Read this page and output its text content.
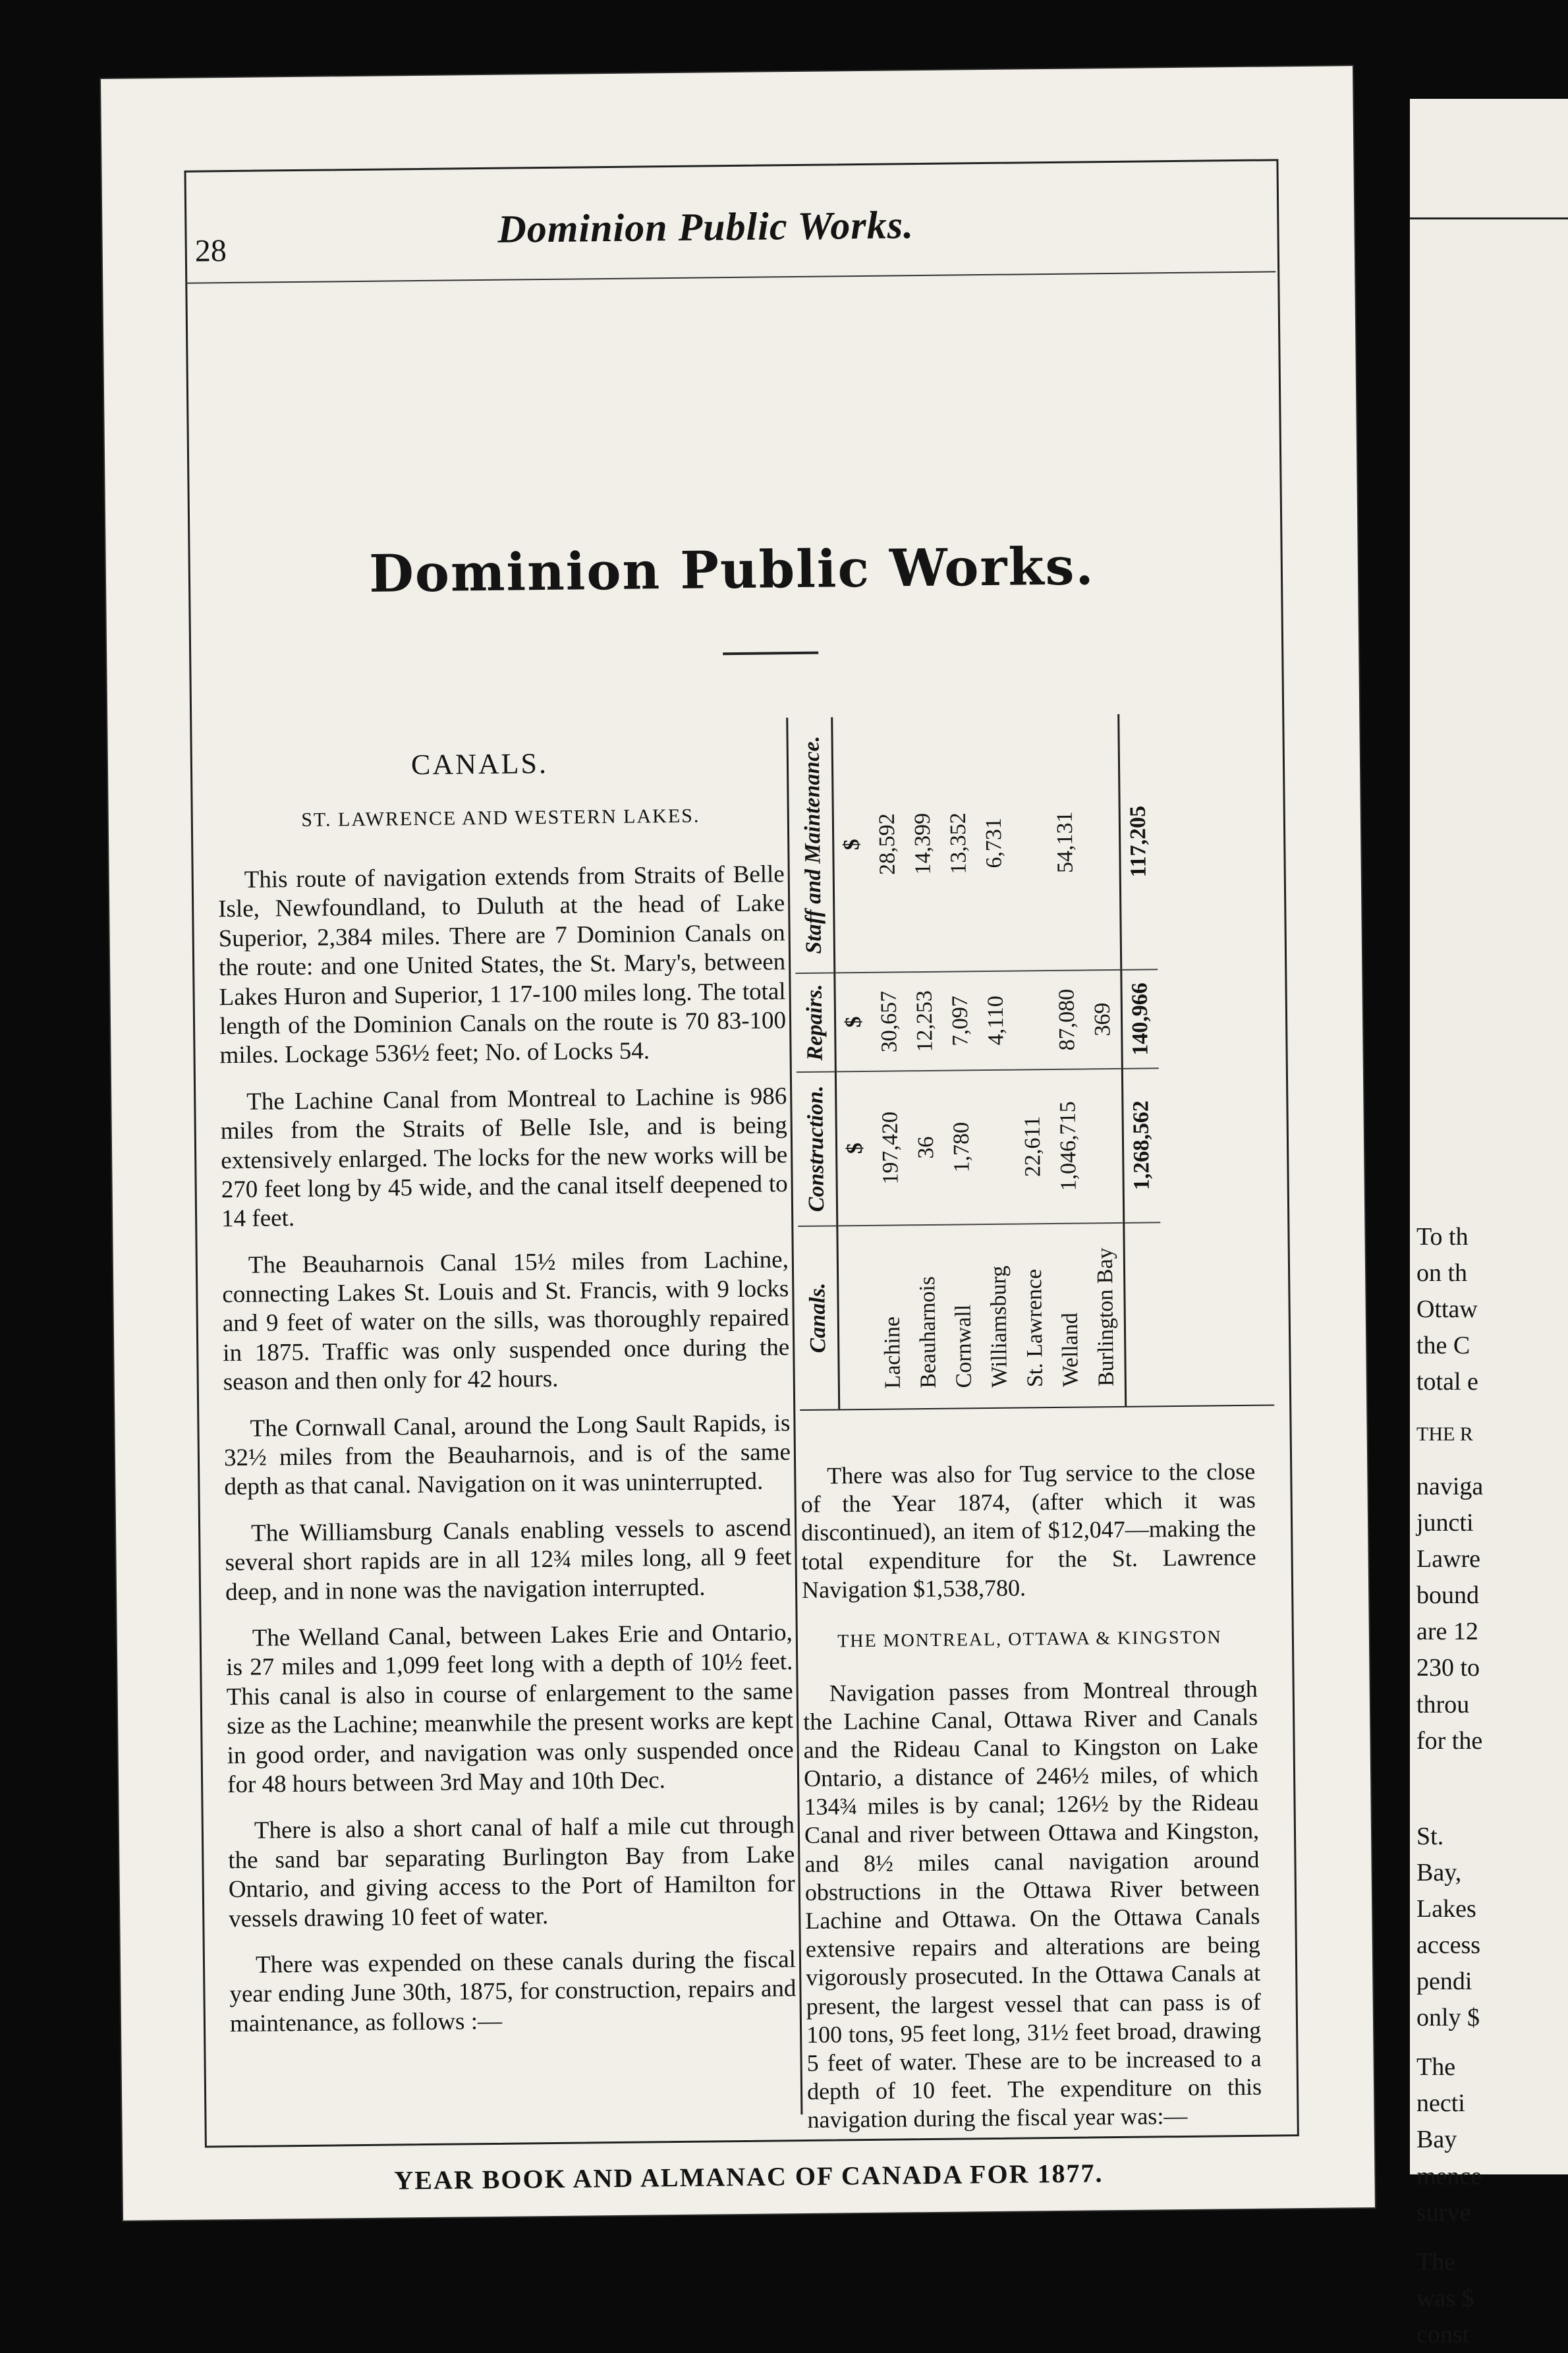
28
Dominion Public Works.
Dominion Public Works.
CANALS.
ST. LAWRENCE AND WESTERN LAKES.

This route of navigation extends from Straits of Belle Isle, Newfoundland, to Duluth at the head of Lake Superior, 2,384 miles. There are 7 Dominion Canals on the route: and one United States, the St. Mary's, between Lakes Huron and Superior, 1 17-100 miles long. The total length of the Dominion Canals on the route is 70 83-100 miles. Lockage 536½ feet; No. of Locks 54.

The Lachine Canal from Montreal to Lachine is 986 miles from the Straits of Belle Isle, and is being extensively enlarged. The locks for the new works will be 270 feet long by 45 wide, and the canal itself deepened to 14 feet.

The Beauharnois Canal 15½ miles from Lachine, connecting Lakes St. Louis and St. Francis, with 9 locks and 9 feet of water on the sills, was thoroughly repaired in 1875. Traffic was only suspended once during the season and then only for 42 hours.

The Cornwall Canal, around the Long Sault Rapids, is 32½ miles from the Beauharnois, and is of the same depth as that canal. Navigation on it was uninterrupted.

The Williamsburg Canals enabling vessels to ascend several short rapids are in all 12¾ miles long, all 9 feet deep, and in none was the navigation interrupted.

The Welland Canal, between Lakes Erie and Ontario, is 27 miles and 1,099 feet long with a depth of 10½ feet. This canal is also in course of enlargement to the same size as the Lachine; meanwhile the present works are kept in good order, and navigation was only suspended once for 48 hours between 3rd May and 10th Dec.

There is also a short canal of half a mile cut through the sand bar separating Burlington Bay from Lake Ontario, and giving access to the Port of Hamilton for vessels drawing 10 feet of water.

There was expended on these canals during the fiscal year ending June 30th, 1875, for construction, repairs and maintenance, as follows :—

Canals.	Construction.	Repairs.	Staff and Maintenance.
	$	$	$
Lachine	197,420	30,657	28,592
Beauharnois	36	12,253	14,399
Cornwall	1,780	7,097	13,352
Williamsburg		4,110	6,731
St. Lawrence	22,611		
Welland	1,046,715	87,080	54,131
Burlington Bay		369	
	1,268,562	140,966	117,205

There was also for Tug service to the close of the Year 1874, (after which it was discontinued), an item of $12,047—making the total expenditure for the St. Lawrence Navigation $1,538,780.

THE MONTREAL, OTTAWA & KINGSTON

Navigation passes from Montreal through the Lachine Canal, Ottawa River and Canals and the Rideau Canal to Kingston on Lake Ontario, a distance of 246½ miles, of which 134¾ miles is by canal; 126½ by the Rideau Canal and river between Ottawa and Kingston, and 8½ miles canal navigation around obstructions in the Ottawa River between Lachine and Ottawa. On the Ottawa Canals extensive repairs and alterations are being vigorously prosecuted. In the Ottawa Canals at present, the largest vessel that can pass is of 100 tons, 95 feet long, 31½ feet broad, drawing 5 feet of water. These are to be increased to a depth of 10 feet. The expenditure on this navigation during the fiscal year was:—

YEAR BOOK AND ALMANAC OF CANADA FOR 1877.
To th
on th
Ottaw
the C
total e
THE R
naviga
juncti
Lawre
bound
are 12
230 to
throu
for the
St.
Bay,
Lakes
access
pendi
only $
The
necti
Bay
mence
surve
The
was $
const
